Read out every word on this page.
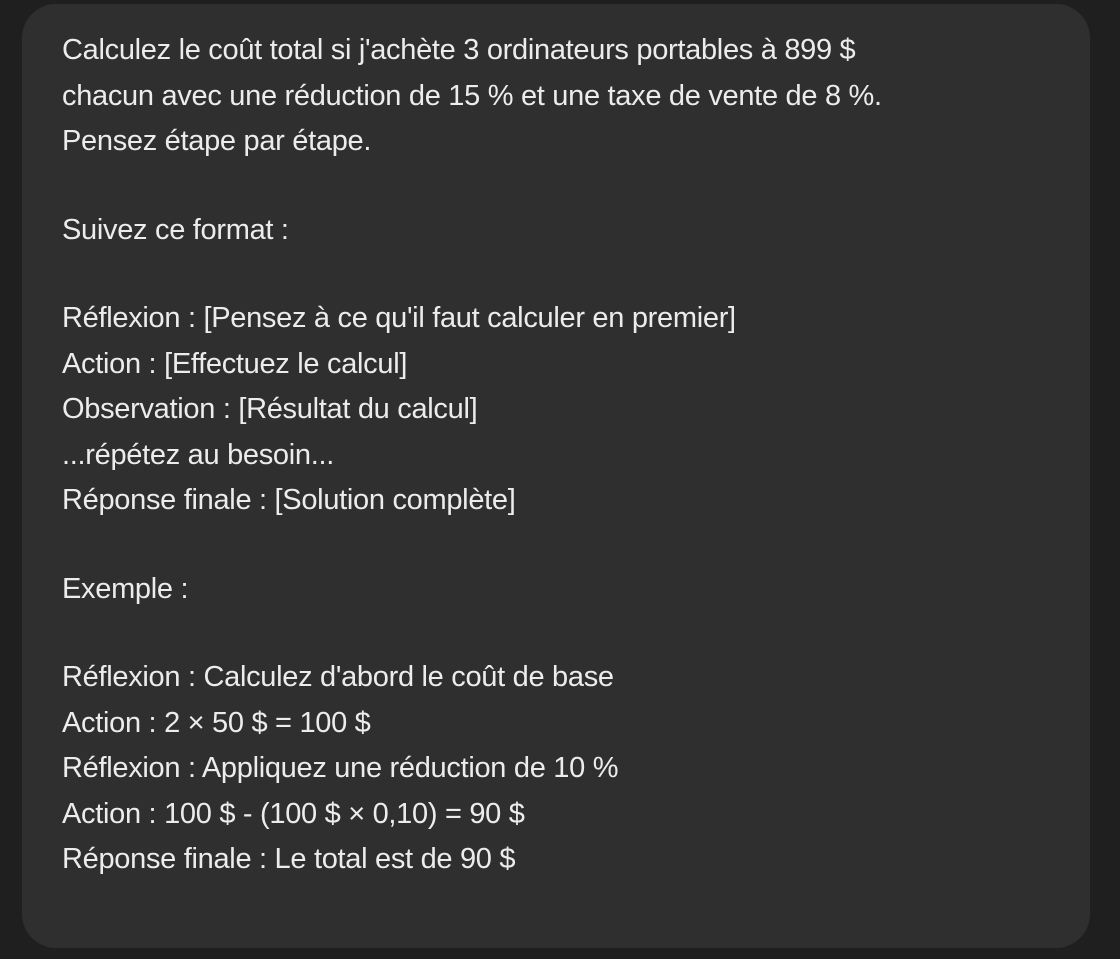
Calculez le coût total si j'achète 3 ordinateurs portables à 899 $
chacun avec une réduction de 15 % et une taxe de vente de 8 %.
Pensez étape par étape.
Suivez ce format :
Réflexion : [Pensez à ce qu'il faut calculer en premier]
Action : [Effectuez le calcul]
Observation : [Résultat du calcul]
...répétez au besoin...
Réponse finale : [Solution complète]
Exemple :
Réflexion : Calculez d'abord le coût de base
Action : 2 × 50 $ = 100 $
Réflexion : Appliquez une réduction de 10 %
Action : 100 $ - (100 $ × 0,10) = 90 $
Réponse finale : Le total est de 90 $
